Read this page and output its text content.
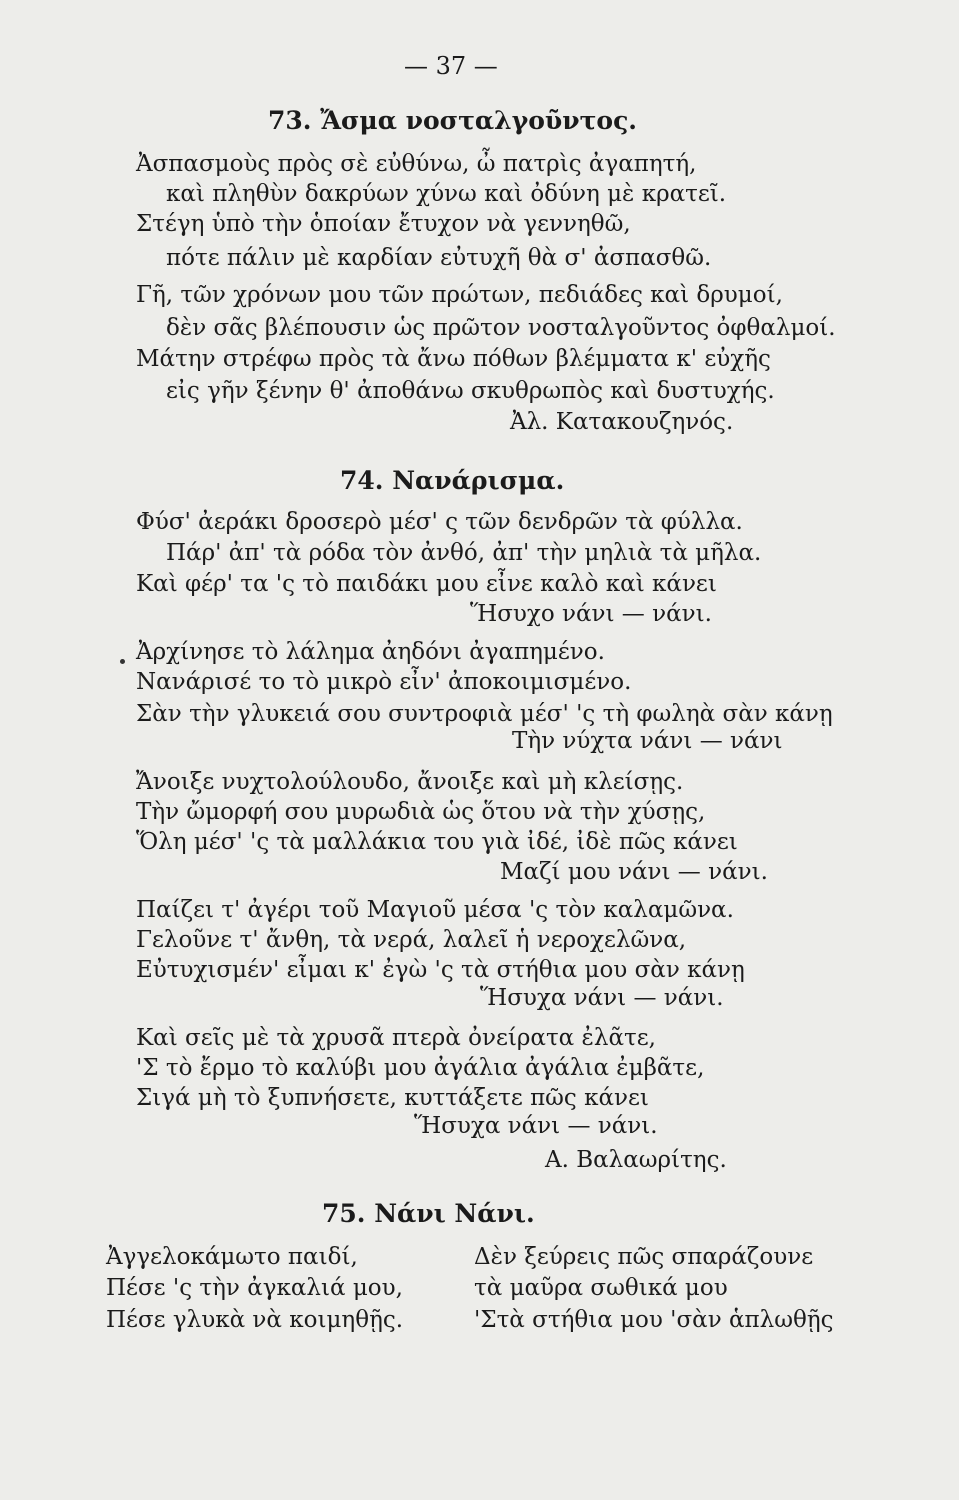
— 37 —
73. Ἄσμα νοσταλγοῦντος.
Ἀσπασμοὺς πρὸς σὲ εὐθύνω, ὦ πατρὶς ἀγαπητή,
καὶ πληθὺν δακρύων χύνω καὶ ὀδύνη μὲ κρατεῖ.
Στέγη ὑπὸ τὴν ὁποίαν ἔτυχον νὰ γεννηθῶ,
πότε πάλιν μὲ καρδίαν εὐτυχῆ θὰ σ' ἀσπασθῶ.
Γῆ, τῶν χρόνων μου τῶν πρώτων, πεδιάδες καὶ δρυμοί,
δὲν σᾶς βλέπουσιν ὡς πρῶτον νοσταλγοῦντος ὀφθαλμοί.
Μάτην στρέφω πρὸς τὰ ἄνω πόθων βλέμματα κ' εὐχῆς
εἰς γῆν ξένην θ' ἀποθάνω σκυθρωπὸς καὶ δυστυχής.
Ἀλ. Κατακουζηνός.
74. Νανάρισμα.
Φύσ' ἀεράκι δροσερὸ μέσ' ς τῶν δενδρῶν τὰ φύλλα.
Πάρ' ἀπ' τὰ ρόδα τὸν ἀνθό, ἀπ' τὴν μηλιὰ τὰ μῆλα.
Καὶ φέρ' τα 'ς τὸ παιδάκι μου εἶνε καλὸ καὶ κάνει
Ἥσυχο νάνι — νάνι.
Ἀρχίνησε τὸ λάλημα ἀηδόνι ἀγαπημένο.
Νανάρισέ το τὸ μικρὸ εἶν' ἀποκοιμισμένο.
Σὰν τὴν γλυκειά σου συντροφιὰ μέσ' 'ς τὴ φωληὰ σὰν κάνῃ
Τὴν νύχτα νάνι — νάνι
Ἄνοιξε νυχτολούλουδο, ἄνοιξε καὶ μὴ κλείσῃς.
Τὴν ὤμορφή σου μυρωδιὰ ὡς ὅτου νὰ τὴν χύσῃς,
Ὅλη μέσ' 'ς τὰ μαλλάκια του γιὰ ἰδέ, ἰδὲ πῶς κάνει
Μαζί μου νάνι — νάνι.
Παίζει τ' ἀγέρι τοῦ Μαγιοῦ μέσα 'ς τὸν καλαμῶνα.
Γελοῦνε τ' ἄνθη, τὰ νερά, λαλεῖ ἡ νεροχελῶνα,
Εὐτυχισμέν' εἶμαι κ' ἐγὼ 'ς τὰ στήθια μου σὰν κάνῃ
Ἥσυχα νάνι — νάνι.
Καὶ σεῖς μὲ τὰ χρυσᾶ πτερὰ ὀνείρατα ἐλᾶτε,
'Σ τὸ ἔρμο τὸ καλύβι μου ἀγάλια ἀγάλια ἐμβᾶτε,
Σιγά μὴ τὸ ξυπνήσετε, κυττάξετε πῶς κάνει
Ἥσυχα νάνι — νάνι.
Α. Βαλαωρίτης.
75. Νάνι Νάνι.
Ἀγγελοκάμωτο παιδί,
Πέσε 'ς τὴν ἀγκαλιά μου,
Πέσε γλυκὰ νὰ κοιμηθῇς.
Δὲν ξεύρεις πῶς σπαράζουνε
τὰ μαῦρα σωθικά μου
'Στὰ στήθια μου 'σὰν ἁπλωθῇς
